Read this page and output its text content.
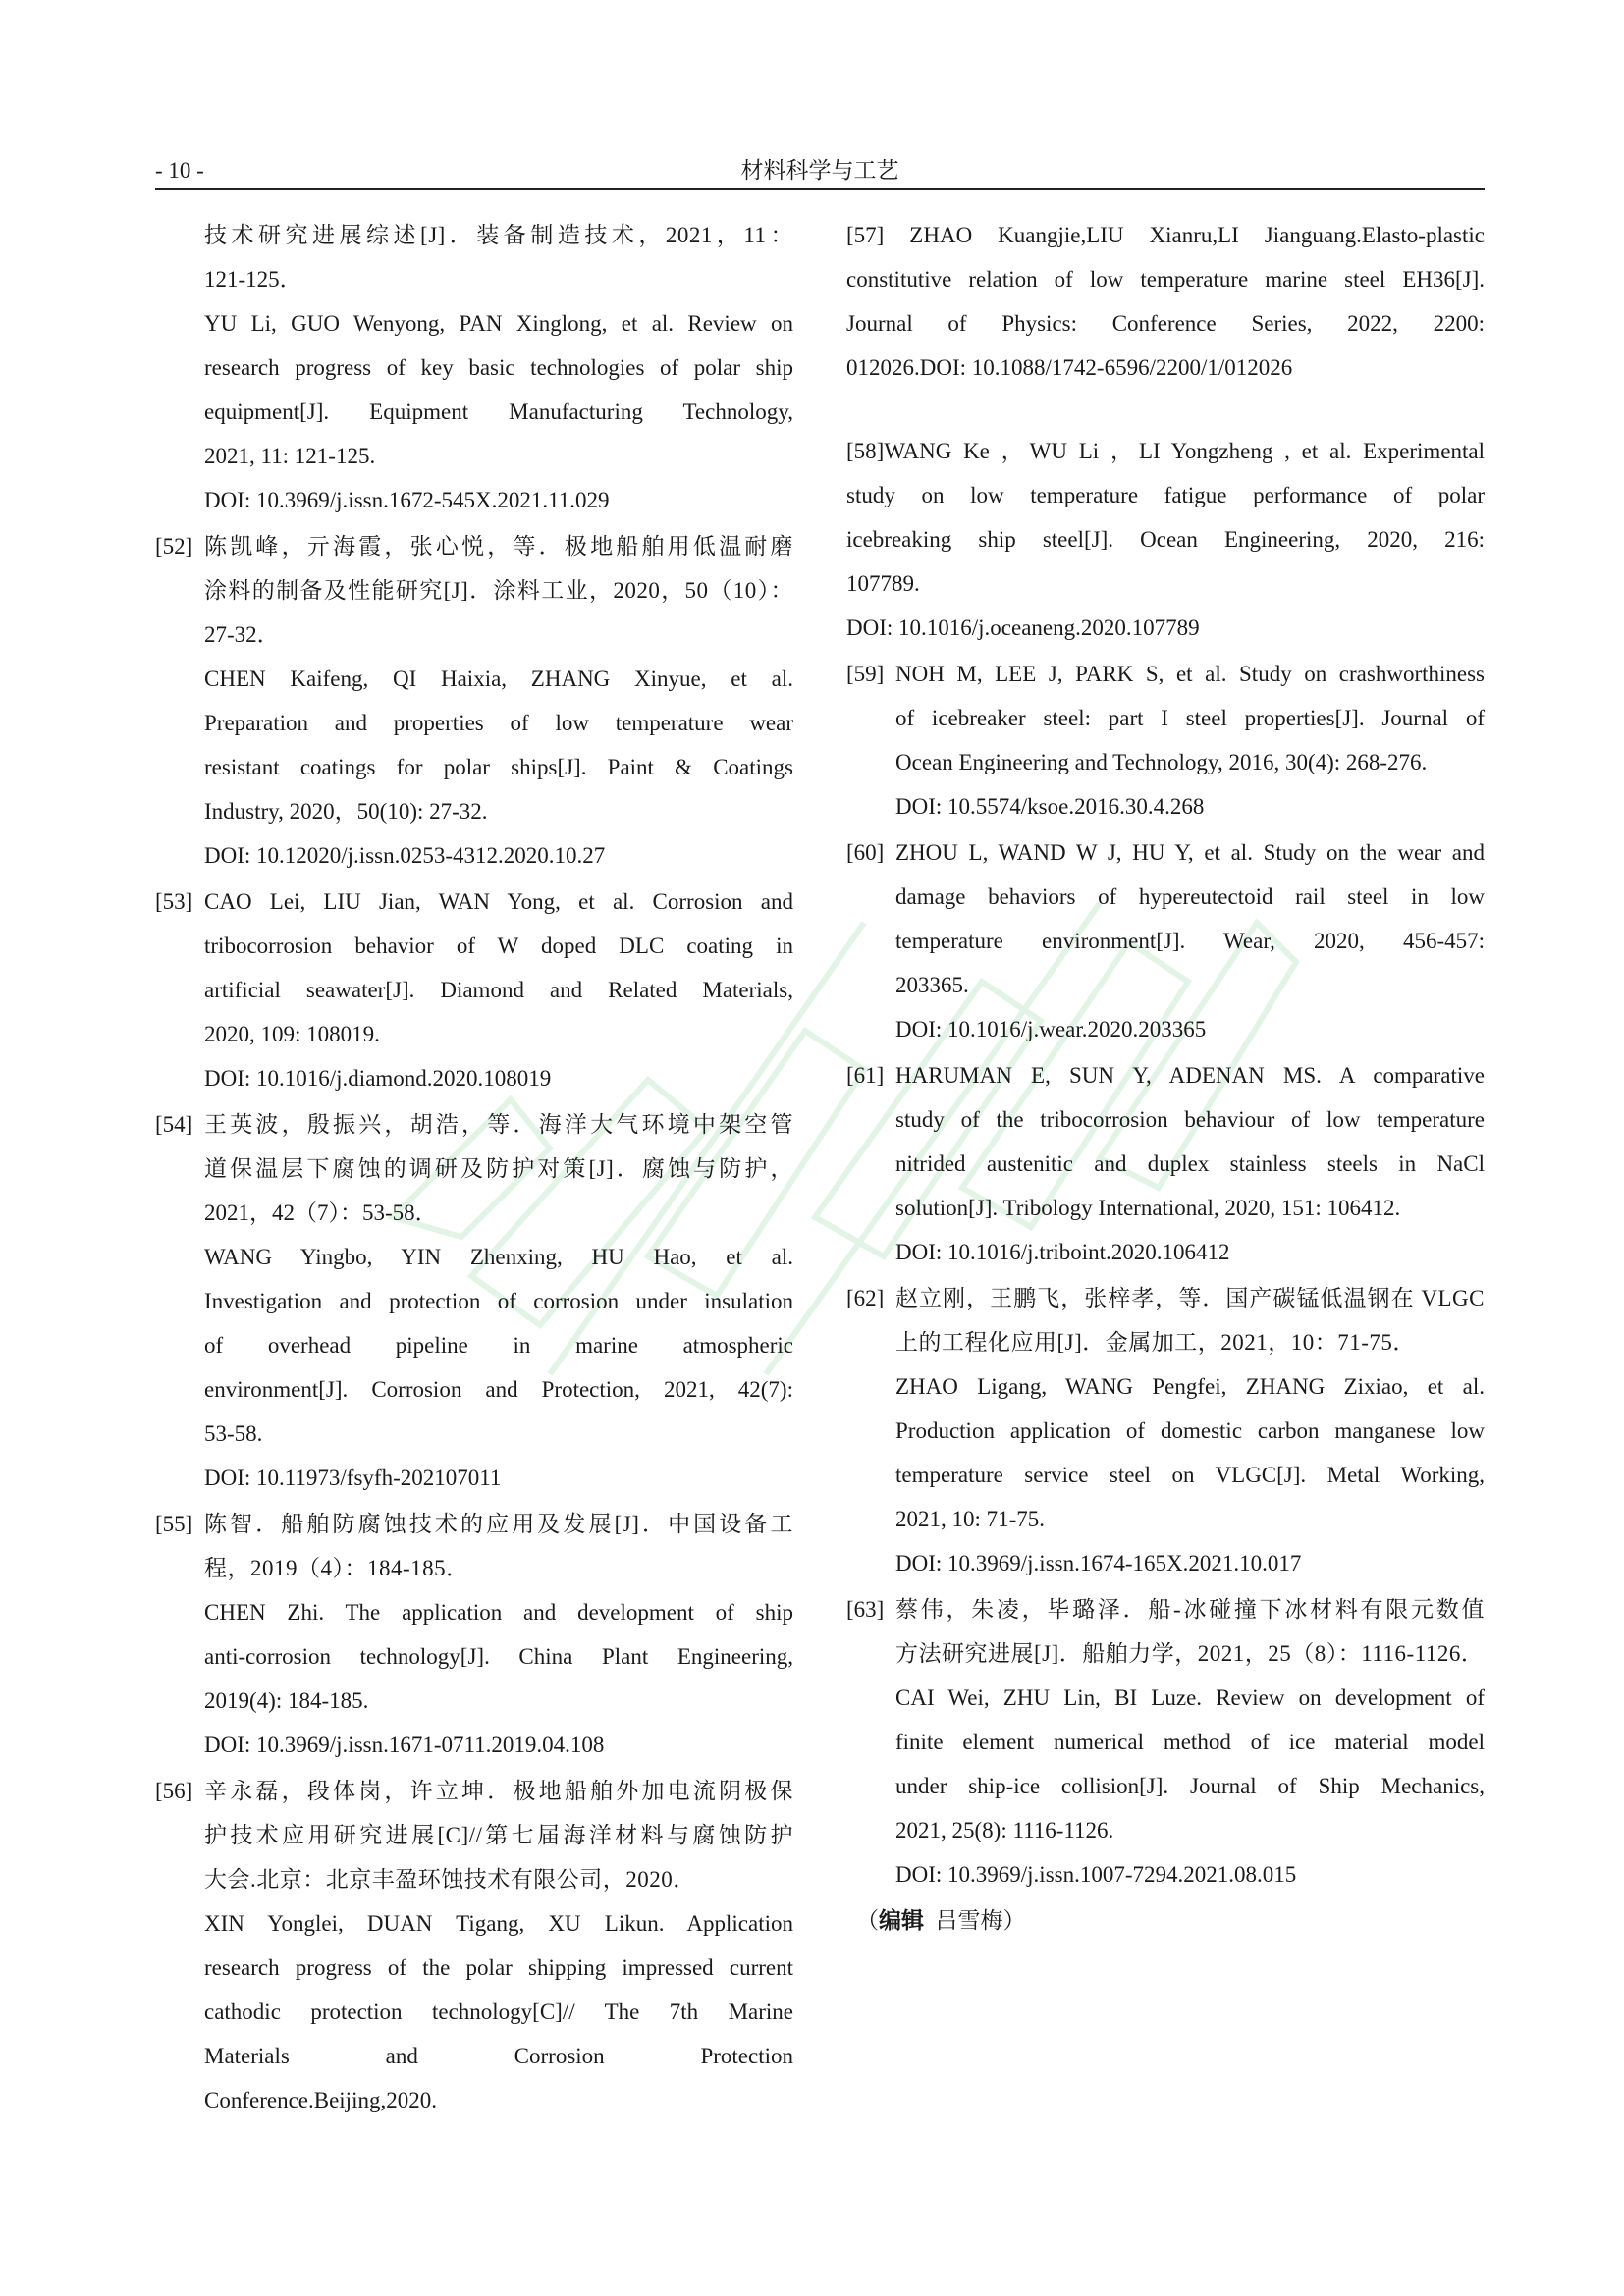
- 10 -	材料科学与工艺
技术研究进展综述[J]．装备制造技术，2021，11：
121-125．
YU Li, GUO Wenyong, PAN Xinglong, et al. Review on
research progress of key basic technologies of polar ship
equipment[J]. Equipment Manufacturing Technology,
2021, 11: 121-125.
DOI: 10.3969/j.issn.1672-545X.2021.11.029
[52] 陈凯峰，亓海霞，张心悦，等．极地船舶用低温耐磨
涂料的制备及性能研究[J]．涂料工业，2020，50（10）：
27-32．
CHEN Kaifeng, QI Haixia, ZHANG Xinyue, et al.
Preparation and properties of low temperature wear
resistant coatings for polar ships[J]. Paint & Coatings
Industry, 2020，50(10): 27-32.
DOI: 10.12020/j.issn.0253-4312.2020.10.27
[53] CAO Lei, LIU Jian, WAN Yong, et al. Corrosion and
tribocorrosion behavior of W doped DLC coating in
artificial seawater[J]. Diamond and Related Materials,
2020, 109: 108019.
DOI: 10.1016/j.diamond.2020.108019
[54] 王英波，殷振兴，胡浩，等．海洋大气环境中架空管
道保温层下腐蚀的调研及防护对策[J]．腐蚀与防护，
2021，42（7）：53-58．
WANG Yingbo, YIN Zhenxing, HU Hao, et al.
Investigation and protection of corrosion under insulation
of overhead pipeline in marine atmospheric
environment[J]. Corrosion and Protection, 2021, 42(7):
53-58.
DOI: 10.11973/fsyfh-202107011
[55] 陈智．船舶防腐蚀技术的应用及发展[J]．中国设备工
程，2019（4）：184-185．
CHEN Zhi. The application and development of ship
anti-corrosion technology[J]. China Plant Engineering,
2019(4): 184-185.
DOI: 10.3969/j.issn.1671-0711.2019.04.108
[56] 辛永磊，段体岗，许立坤．极地船舶外加电流阴极保
护技术应用研究进展[C]//第七届海洋材料与腐蚀防护
大会.北京：北京丰盈环蚀技术有限公司，2020．
XIN Yonglei, DUAN Tigang, XU Likun. Application
research progress of the polar shipping impressed current
cathodic protection technology[C]// The 7th Marine
Materials and Corrosion Protection
Conference.Beijing,2020.
[57] ZHAO Kuangjie,LIU Xianru,LI Jianguang.Elasto-plastic
constitutive relation of low temperature marine steel EH36[J].
Journal of Physics: Conference Series, 2022, 2200:
012026.DOI: 10.1088/1742-6596/2200/1/012026
[58]WANG Ke ，WU Li ，LI Yongzheng , et al. Experimental
study on low temperature fatigue performance of polar
icebreaking ship steel[J]. Ocean Engineering, 2020, 216:
107789.
DOI: 10.1016/j.oceaneng.2020.107789
[59] NOH M, LEE J, PARK S, et al. Study on crashworthiness
of icebreaker steel: part I steel properties[J]. Journal of
Ocean Engineering and Technology, 2016, 30(4): 268-276.
DOI: 10.5574/ksoe.2016.30.4.268
[60] ZHOU L, WAND W J, HU Y, et al. Study on the wear and
damage behaviors of hypereutectoid rail steel in low
temperature environment[J]. Wear, 2020, 456-457:
203365.
DOI: 10.1016/j.wear.2020.203365
[61] HARUMAN E, SUN Y, ADENAN MS. A comparative
study of the tribocorrosion behaviour of low temperature
nitrided austenitic and duplex stainless steels in NaCl
solution[J]. Tribology International, 2020, 151: 106412.
DOI: 10.1016/j.triboint.2020.106412
[62] 赵立刚，王鹏飞，张梓孝，等．国产碳锰低温钢在 VLGC
上的工程化应用[J]．金属加工，2021，10：71-75．
ZHAO Ligang, WANG Pengfei, ZHANG Zixiao, et al.
Production application of domestic carbon manganese low
temperature service steel on VLGC[J]. Metal Working,
2021, 10: 71-75.
DOI: 10.3969/j.issn.1674-165X.2021.10.017
[63] 蔡伟，朱凌，毕璐泽．船-冰碰撞下冰材料有限元数值
方法研究进展[J]．船舶力学，2021，25（8）：1116-1126．
CAI Wei, ZHU Lin, BI Luze. Review on development of
finite element numerical method of ice material model
under ship-ice collision[J]. Journal of Ship Mechanics,
2021, 25(8): 1116-1126.
DOI: 10.3969/j.issn.1007-7294.2021.08.015
（编辑 吕雪梅）
